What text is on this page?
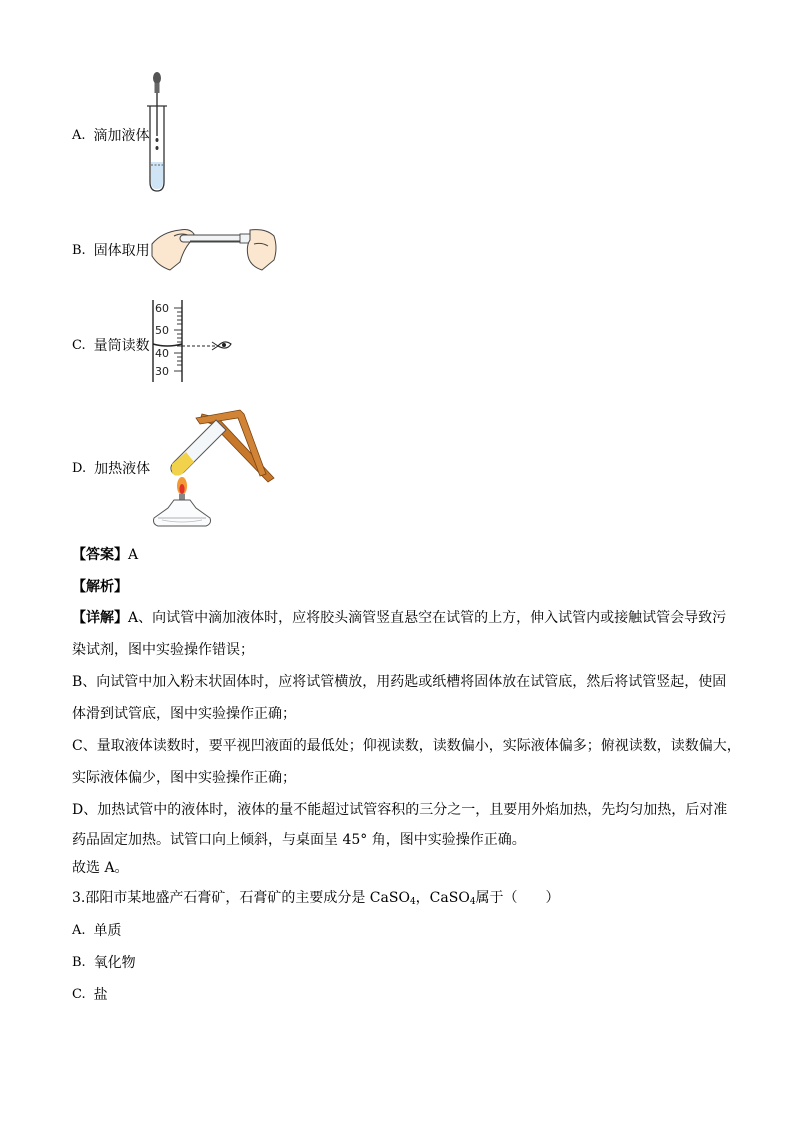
A. 滴加液体
B. 固体取用
C. 量筒读数
60
50
40
30
D. 加热液体
【答案】A
【解析】
【详解】A、向试管中滴加液体时，应将胶头滴管竖直悬空在试管的上方，伸入试管内或接触试管会导致污
染试剂，图中实验操作错误；
B、向试管中加入粉末状固体时，应将试管横放，用药匙或纸槽将固体放在试管底，然后将试管竖起，使固
体滑到试管底，图中实验操作正确；
C、量取液体读数时，要平视凹液面的最低处；仰视读数，读数偏小，实际液体偏多；俯视读数，读数偏大，
实际液体偏少，图中实验操作正确；
D、加热试管中的液体时，液体的量不能超过试管容积的三分之一，且要用外焰加热，先均匀加热，后对准
药品固定加热。试管口向上倾斜，与桌面呈 45° 角，图中实验操作正确。
故选 A。
3.邵阳市某地盛产石膏矿，石膏矿的主要成分是 CaSO$_4$，CaSO$_4$属于（　　）
A. 单质
B. 氧化物
C. 盐
